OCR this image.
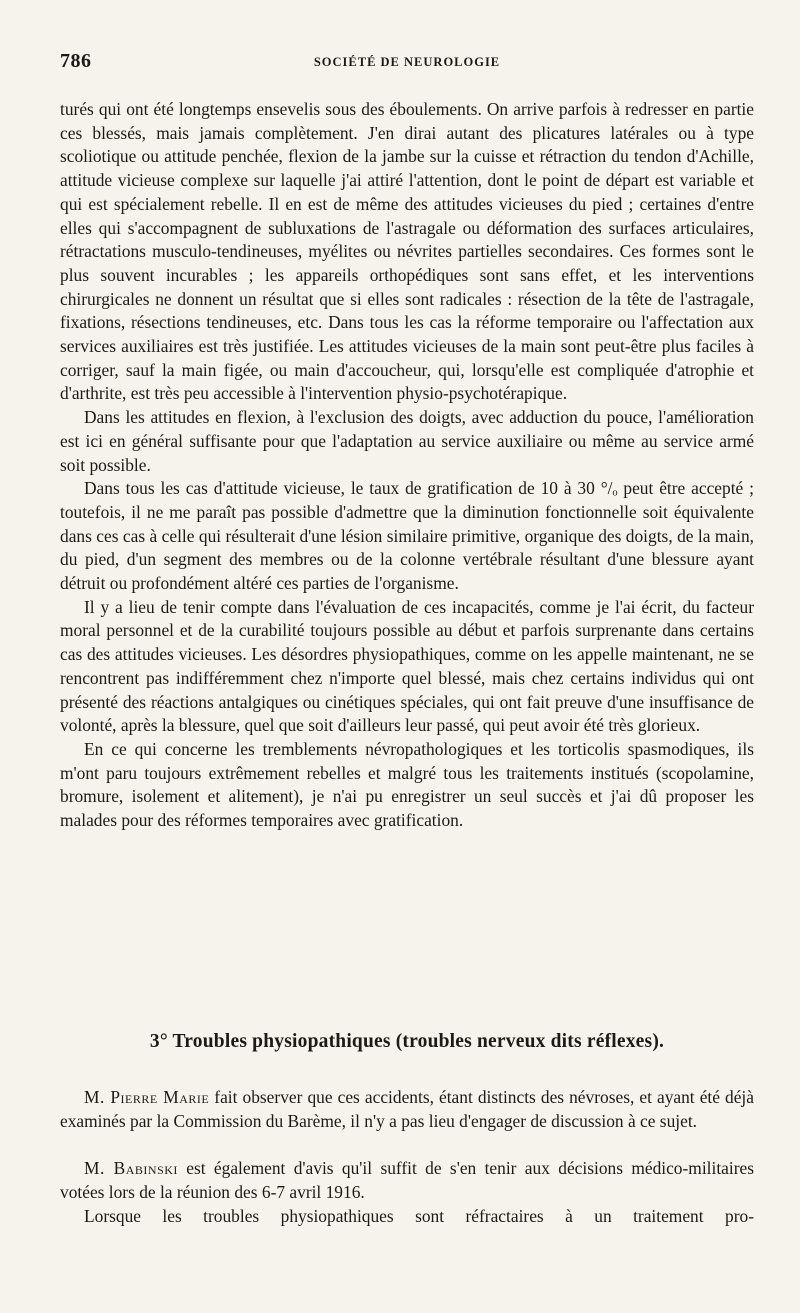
786	SOCIÉTÉ DE NEUROLOGIE

turés qui ont été longtemps ensevelis sous des éboulements. On arrive parfois à redresser en partie ces blessés, mais jamais complètement. J'en dirai autant des plicatures latérales ou à type scoliotique ou attitude penchée, flexion de la jambe sur la cuisse et rétraction du tendon d'Achille, attitude vicieuse complexe sur laquelle j'ai attiré l'attention, dont le point de départ est variable et qui est spécialement rebelle. Il en est de même des attitudes vicieuses du pied ; certaines d'entre elles qui s'accompagnent de subluxations de l'astragale ou déformation des surfaces articulaires, rétractations musculo-tendineuses, myélites ou névrites partielles secondaires. Ces formes sont le plus souvent incurables ; les appareils orthopédiques sont sans effet, et les interventions chirurgicales ne donnent un résultat que si elles sont radicales : résection de la tête de l'astragale, fixations, résections tendineuses, etc. Dans tous les cas la réforme temporaire ou l'affectation aux services auxiliaires est très justifiée. Les attitudes vicieuses de la main sont peut-être plus faciles à corriger, sauf la main figée, ou main d'accoucheur, qui, lorsqu'elle est compliquée d'atrophie et d'arthrite, est très peu accessible à l'intervention physio-psychotérapique.

Dans les attitudes en flexion, à l'exclusion des doigts, avec adduction du pouce, l'amélioration est ici en général suffisante pour que l'adaptation au service auxiliaire ou même au service armé soit possible.

Dans tous les cas d'attitude vicieuse, le taux de gratification de 10 à 30 °/ₒ peut être accepté ; toutefois, il ne me paraît pas possible d'admettre que la diminution fonctionnelle soit équivalente dans ces cas à celle qui résulterait d'une lésion similaire primitive, organique des doigts, de la main, du pied, d'un segment des membres ou de la colonne vertébrale résultant d'une blessure ayant détruit ou profondément altéré ces parties de l'organisme.

Il y a lieu de tenir compte dans l'évaluation de ces incapacités, comme je l'ai écrit, du facteur moral personnel et de la curabilité toujours possible au début et parfois surprenante dans certains cas des attitudes vicieuses. Les désordres physiopathiques, comme on les appelle maintenant, ne se rencontrent pas indifféremment chez n'importe quel blessé, mais chez certains individus qui ont présenté des réactions antalgiques ou cinétiques spéciales, qui ont fait preuve d'une insuffisance de volonté, après la blessure, quel que soit d'ailleurs leur passé, qui peut avoir été très glorieux.

En ce qui concerne les tremblements névropathologiques et les torticolis spasmodiques, ils m'ont paru toujours extrêmement rebelles et malgré tous les traitements institués (scopolamine, bromure, isolement et alitement), je n'ai pu enregistrer un seul succès et j'ai dû proposer les malades pour des réformes temporaires avec gratification.

3° Troubles physiopathiques (troubles nerveux dits réflexes).

M. Pierre Marie fait observer que ces accidents, étant distincts des névroses, et ayant été déjà examinés par la Commission du Barème, il n'y a pas lieu d'engager de discussion à ce sujet.

M. Babinski est également d'avis qu'il suffit de s'en tenir aux décisions médico-militaires votées lors de la réunion des 6-7 avril 1916.

Lorsque les troubles physiopathiques sont réfractaires à un traitement pro-
